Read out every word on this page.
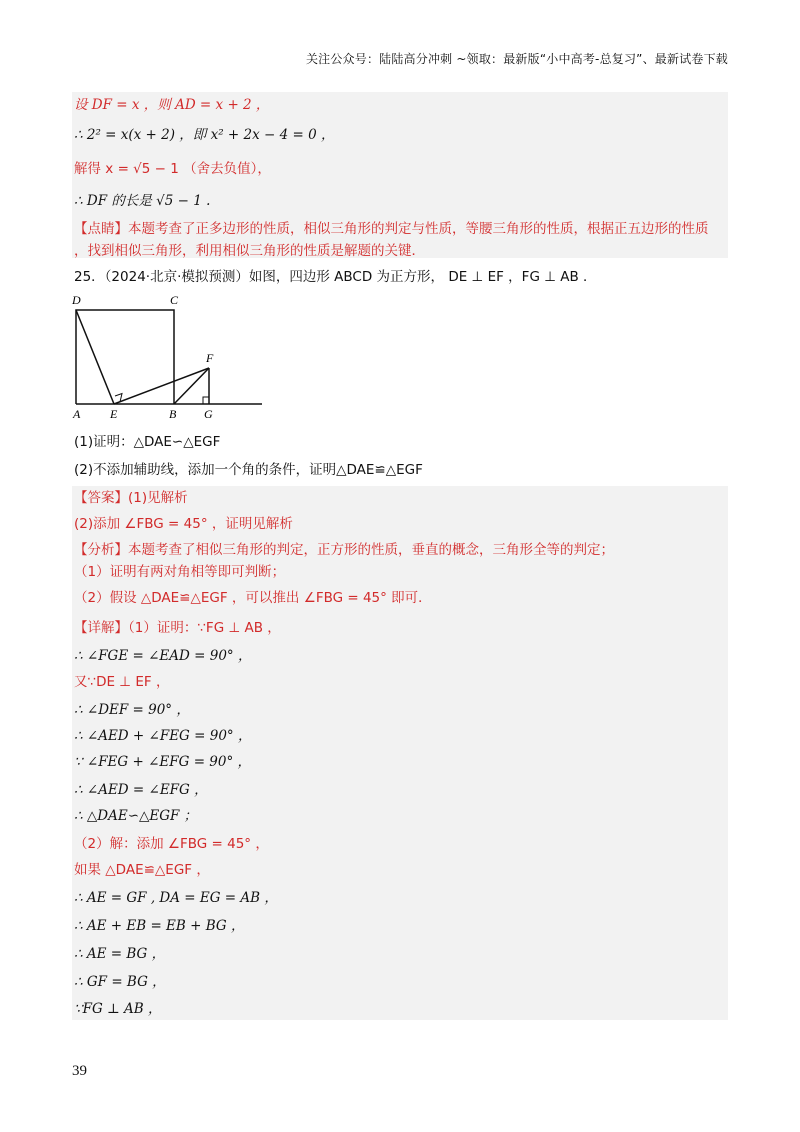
关注公众号：陆陆高分冲刺 ~领取：最新版“小中高考-总复习”、最新试卷下载
设 DF = x ，则 AD = x + 2 ，
∴ 2² = x(x + 2) ，即 x² + 2x − 4 = 0 ，
解得 x = √5 − 1 （舍去负值），
∴ DF 的长是 √5 − 1 .
【点睛】本题考查了正多边形的性质，相似三角形的判定与性质，等腰三角形的性质，根据正五边形的性质
，找到相似三角形，利用相似三角形的性质是解题的关键．
25．（2024·北京·模拟预测）如图，四边形 ABCD 为正方形， DE ⊥ EF ，FG ⊥ AB ．
D	C
F
A E	B G
(1)证明：△DAE∽△EGF
(2)不添加辅助线，添加一个角的条件，证明△DAE≌△EGF
【答案】(1)见解析
(2)添加 ∠FBG = 45° ，证明见解析
【分析】本题考查了相似三角形的判定，正方形的性质，垂直的概念，三角形全等的判定；
（1）证明有两对角相等即可判断；
（2）假设 △DAE≌△EGF ，可以推出 ∠FBG = 45° 即可．
【详解】（1）证明：∵FG ⊥ AB ，
∴ ∠FGE = ∠EAD = 90° ，
又∵DE ⊥ EF ，
∴ ∠DEF = 90° ，
∴ ∠AED + ∠FEG = 90° ，
∵ ∠FEG + ∠EFG = 90° ，
∴ ∠AED = ∠EFG ，
∴ △DAE∽△EGF ；
（2）解：添加 ∠FBG = 45° ，
如果 △DAE≌△EGF ，
∴ AE = GF , DA = EG = AB ，
∴ AE + EB = EB + BG ，
∴ AE = BG ，
∴ GF = BG ，
∵FG ⊥ AB ，
39
